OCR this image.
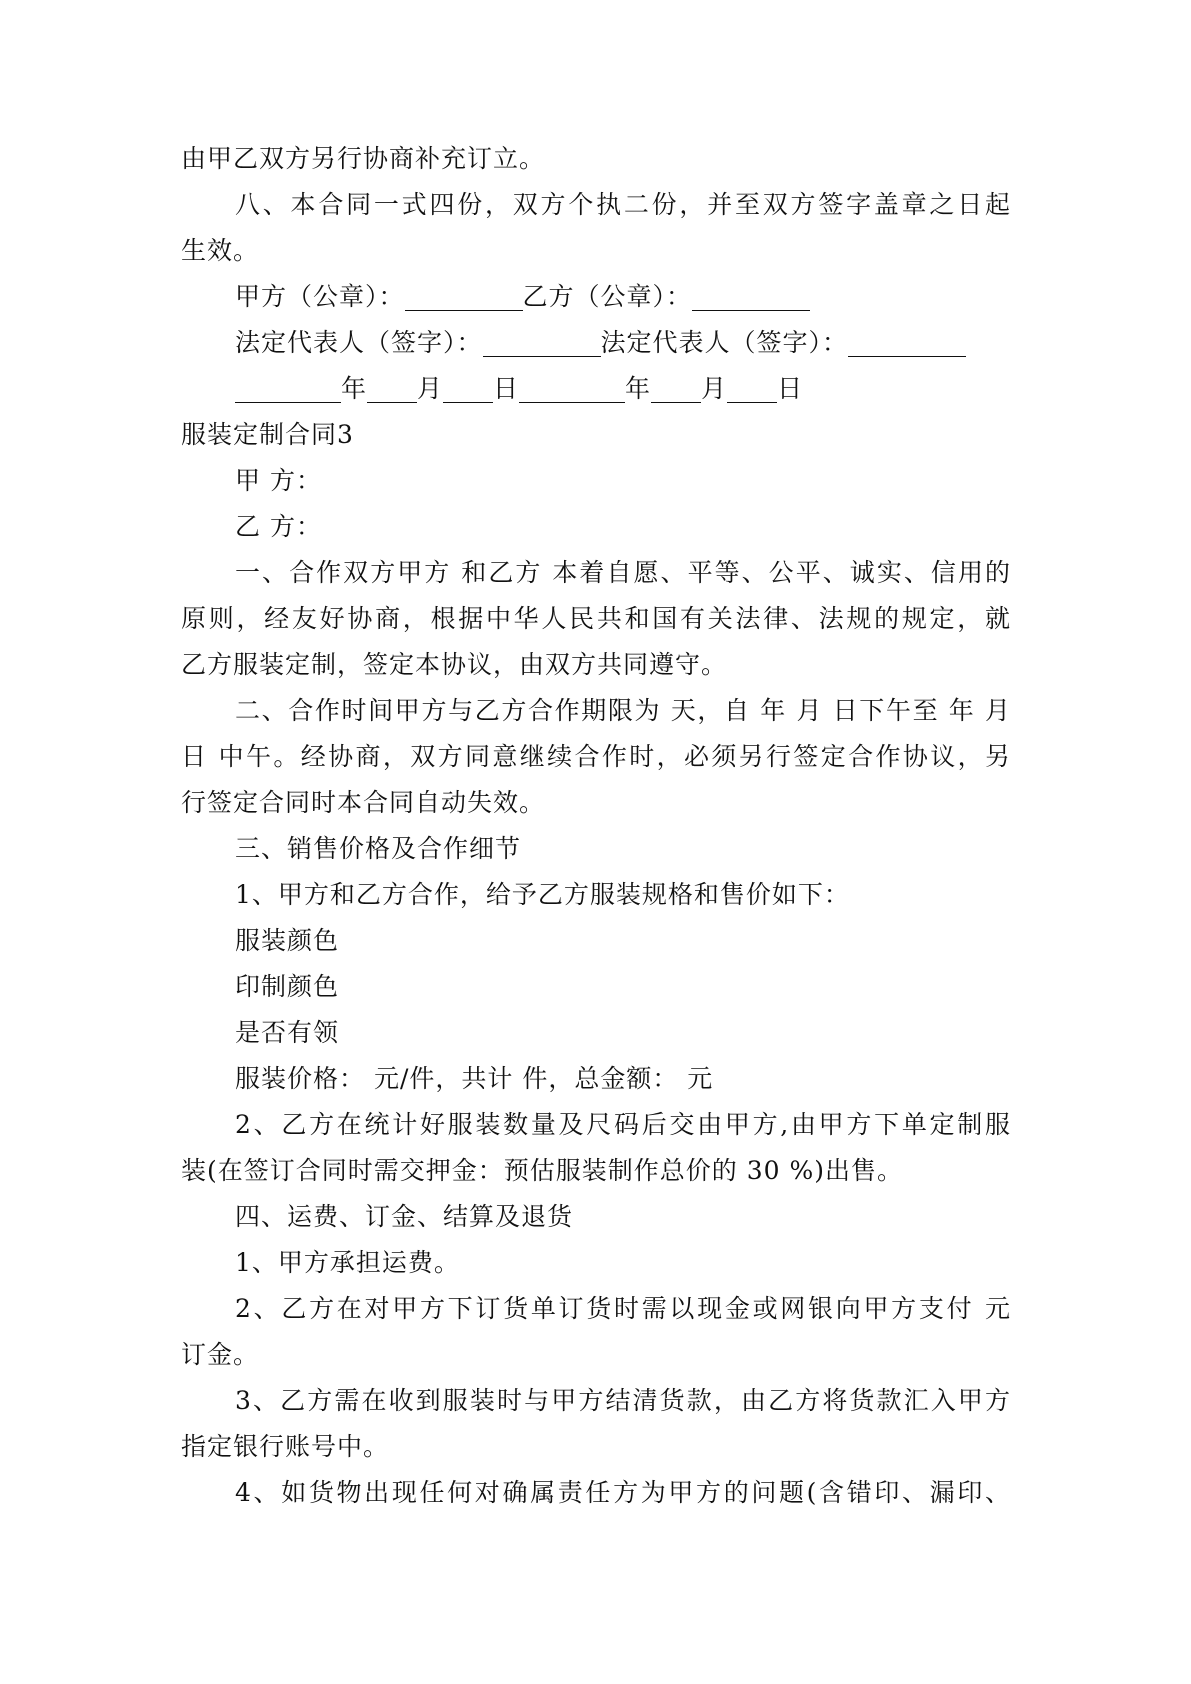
由甲乙双方另行协商补充订立。
八、本合同一式四份，双方个执二份，并至双方签字盖章之日起
生效。
甲方（公章）：	乙方（公章）：
法定代表人（签字）：	法定代表人（签字）：
年 月 日	年 月 日
服装定制合同3
甲 方：
乙 方：
一、合作双方甲方 和乙方 本着自愿、平等、公平、诚实、信用的
原则，经友好协商，根据中华人民共和国有关法律、法规的规定，就
乙方服装定制，签定本协议，由双方共同遵守。
二、合作时间甲方与乙方合作期限为 天，自 年 月 日下午至 年 月
日 中午。经协商，双方同意继续合作时，必须另行签定合作协议，另
行签定合同时本合同自动失效。
三、销售价格及合作细节
1、甲方和乙方合作，给予乙方服装规格和售价如下：
服装颜色
印制颜色
是否有领
服装价格： 元/件，共计 件，总金额： 元
2、乙方在统计好服装数量及尺码后交由甲方,由甲方下单定制服
装(在签订合同时需交押金：预估服装制作总价的 30 %)出售。
四、运费、订金、结算及退货
1、甲方承担运费。
2、乙方在对甲方下订货单订货时需以现金或网银向甲方支付 元
订金。
3、乙方需在收到服装时与甲方结清货款，由乙方将货款汇入甲方
指定银行账号中。
4、如货物出现任何对确属责任方为甲方的问题(含错印、漏印、
